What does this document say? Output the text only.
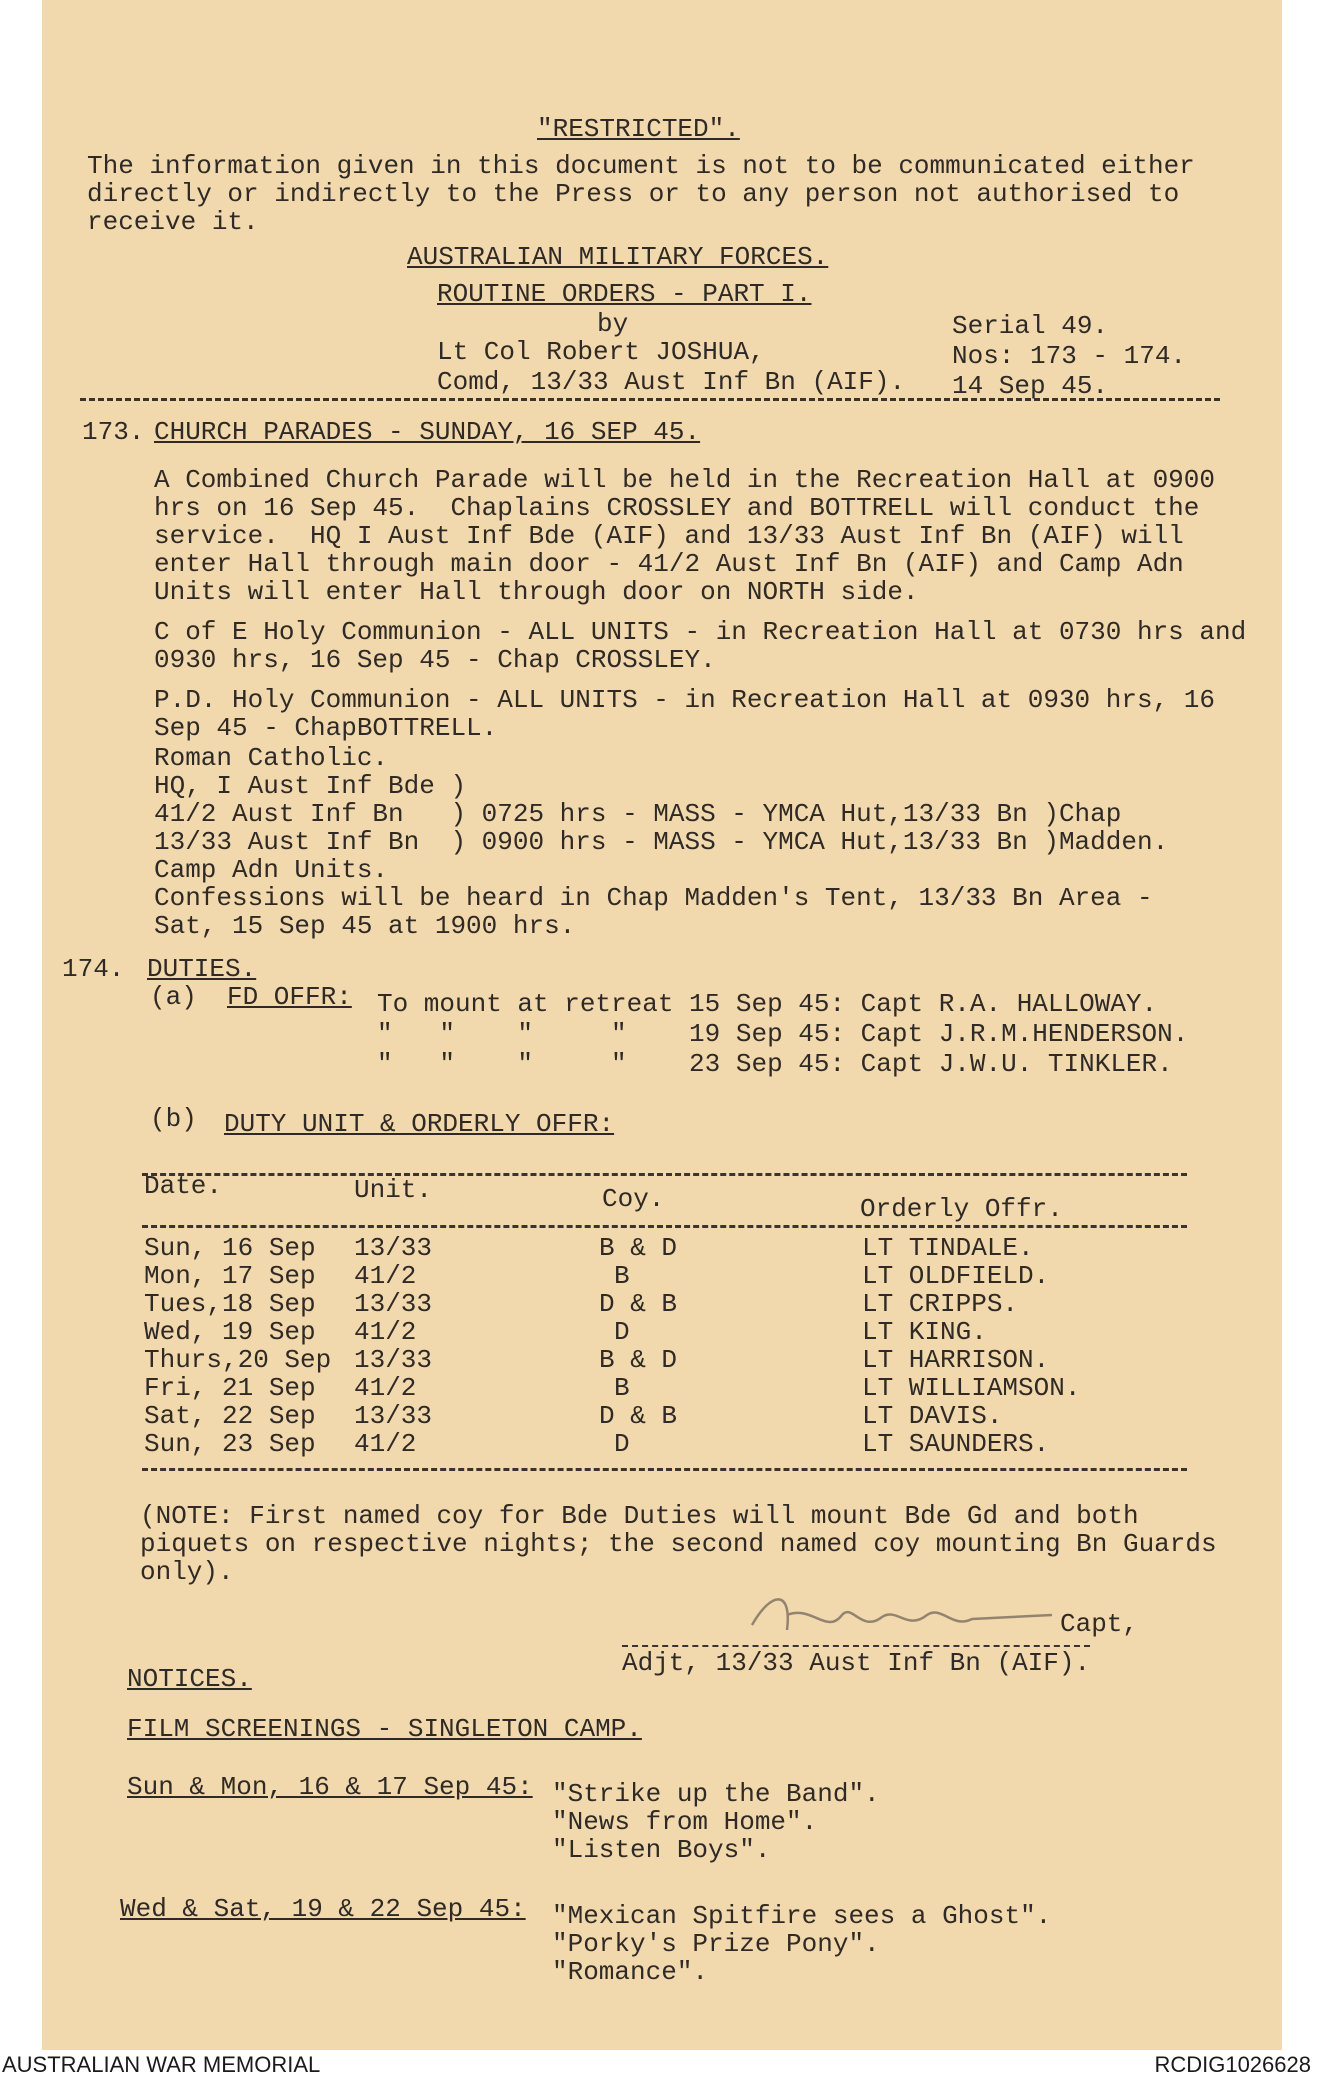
"RESTRICTED".
The information given in this document is not to be communicated either
directly or indirectly to the Press or to any person not authorised to
receive it.
AUSTRALIAN MILITARY FORCES.
ROUTINE ORDERS - PART I.
by
Lt Col Robert JOSHUA,
Comd, 13/33 Aust Inf Bn (AIF).
Serial 49.
Nos: 173 - 174.
14 Sep 45.
173. CHURCH PARADES - SUNDAY, 16 SEP 45.
A Combined Church Parade will be held in the Recreation Hall at 0900
hrs on 16 Sep 45.  Chaplains CROSSLEY and BOTTRELL will conduct the
service.  HQ I Aust Inf Bde (AIF) and 13/33 Aust Inf Bn (AIF) will
enter Hall through main door - 41/2 Aust Inf Bn (AIF) and Camp Adn
Units will enter Hall through door on NORTH side.
C of E Holy Communion - ALL UNITS - in Recreation Hall at 0730 hrs and
0930 hrs, 16 Sep 45 - Chap CROSSLEY.
P.D. Holy Communion - ALL UNITS - in Recreation Hall at 0930 hrs, 16
Sep 45 - ChapBOTTRELL.
Roman Catholic.
HQ, I Aust Inf Bde )
41/2 Aust Inf Bn   ) 0725 hrs - MASS - YMCA Hut,13/33 Bn )Chap
13/33 Aust Inf Bn  ) 0900 hrs - MASS - YMCA Hut,13/33 Bn )Madden.
Camp Adn Units.
Confessions will be heard in Chap Madden's Tent, 13/33 Bn Area -
Sat, 15 Sep 45 at 1900 hrs.
174. DUTIES.
(a) FD OFFR: To mount at retreat 15 Sep 45: Capt R.A. HALLOWAY.
"   "    "     "    19 Sep 45: Capt J.R.M.HENDERSON.
"   "    "     "    23 Sep 45: Capt J.W.U. TINKLER.
(b) DUTY UNIT & ORDERLY OFFR:
Date.	Unit.	Coy.	Orderly Offr.
Sun, 16 Sep 13/33	B & D	LT TINDALE.
Mon, 17 Sep 41/2	B	LT OLDFIELD.
Tues,18 Sep 13/33	D & B	LT CRIPPS.
Wed, 19 Sep 41/2	D	LT KING.
Thurs,20 Sep 13/33	B & D	LT HARRISON.
Fri, 21 Sep 41/2	B	LT WILLIAMSON.
Sat, 22 Sep 13/33	D & B	LT DAVIS.
Sun, 23 Sep 41/2	D	LT SAUNDERS.
(NOTE: First named coy for Bde Duties will mount Bde Gd and both
piquets on respective nights; the second named coy mounting Bn Guards
only).
Capt,
Adjt, 13/33 Aust Inf Bn (AIF).
NOTICES.
FILM SCREENINGS - SINGLETON CAMP.
Sun & Mon, 16 & 17 Sep 45: "Strike up the Band".
"News from Home".
"Listen Boys".
Wed & Sat, 19 & 22 Sep 45: "Mexican Spitfire sees a Ghost".
"Porky's Prize Pony".
"Romance".
AUSTRALIAN WAR MEMORIAL	RCDIG1026628
